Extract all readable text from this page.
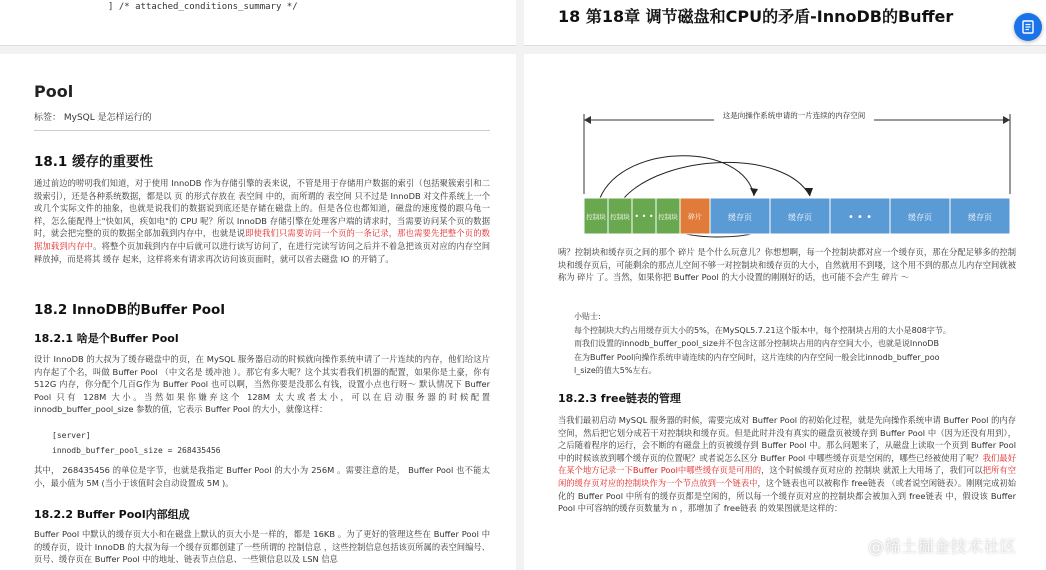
] /* attached_conditions_summary */	18 第18章 调节磁盘和CPU的矛盾-InnoDB的Buffer
Pool
标签： MySQL 是怎样运行的
18.1 缓存的重要性
通过前边的唠叨我们知道，对于使用 InnoDB 作为存储引擎的表来说，不管是用于存储用户数据的索引（包括聚簇索引和二级索引），还是各种系统数据，都是以 页 的形式存放在 表空间 中的，而所谓的 表空间 只不过是 InnoDB 对文件系统上一个或几个实际文件的抽象，也就是说我们的数据说到底还是存储在磁盘上的。但是各位也都知道，磁盘的速度慢的跟乌龟一样，怎么能配得上"快如风，疾如电"的 CPU 呢？所以 InnoDB 存储引擎在处理客户端的请求时，当需要访问某个页的数据时，就会把完整的页的数据全部加载到内存中，也就是说即使我们只需要访问一个页的一条记录，那也需要先把整个页的数据加载到内存中。将整个页加载到内存中后就可以进行读写访问了，在进行完读写访问之后并不着急把该页对应的内存空间释放掉，而是将其 缓存 起来，这样将来有请求再次访问该页面时，就可以省去磁盘 IO 的开销了。
18.2 InnoDB的Buffer Pool
18.2.1 啥是个Buffer Pool
设计 InnoDB 的大叔为了缓存磁盘中的页，在 MySQL 服务器启动的时候就向操作系统申请了一片连续的内存，他们给这片内存起了个名，叫做 Buffer Pool （中文名是 缓冲池 ）。那它有多大呢？这个其实看我们机器的配置，如果你是土豪，你有 512G 内存，你分配个几百G作为 Buffer Pool 也可以啊，当然你要是没那么有钱，设置小点也行呀～ 默认情况下 Buffer Pool 只有 128M 大小。当然如果你嫌弃这个 128M 太大或者太小，可以在启动服务器的时候配置 innodb_buffer_pool_size 参数的值，它表示 Buffer Pool 的大小，就像这样：
[server]
innodb_buffer_pool_size = 268435456
其中， 268435456 的单位是字节，也就是我指定 Buffer Pool 的大小为 256M 。需要注意的是， Buffer Pool 也不能太小，最小值为 5M (当小于该值时会自动设置成 5M )。
18.2.2 Buffer Pool内部组成
Buffer Pool 中默认的缓存页大小和在磁盘上默认的页大小是一样的，都是 16KB 。为了更好的管理这些在 Buffer Pool 中的缓存页，设计 InnoDB 的大叔为每一个缓存页都创建了一些所谓的 控制信息 ，这些控制信息包括该页所属的表空间编号、页号、缓存页在 Buffer Pool 中的地址、链表节点信息、一些锁信息以及 LSN 信息
这是向操作系统申请的一片连续的内存空间
控制块 控制块 • • • 控制块 碎片	缓存页	缓存页	• • •	缓存页	缓存页
咦？控制块和缓存页之间的那个 碎片 是个什么玩意儿？你想想啊，每一个控制块都对应一个缓存页，那在分配足够多的控制块和缓存页后，可能剩余的那点儿空间不够一对控制块和缓存页的大小，自然就用不到喽，这个用不到的那点儿内存空间就被称为 碎片 了。当然，如果你把 Buffer Pool 的大小设置的刚刚好的话，也可能不会产生 碎片 ～
小贴士:
每个控制块大约占用缓存页大小的5%，在MySQL5.7.21这个版本中，每个控制块占用的大小是808字节。
而我们设置的innodb_buffer_pool_size并不包含这部分控制块占用的内存空间大小，也就是说InnoDB
在为Buffer Pool向操作系统申请连续的内存空间时，这片连续的内存空间一般会比innodb_buffer_poo
l_size的值大5%左右。
18.2.3 free链表的管理
当我们最初启动 MySQL 服务器的时候，需要完成对 Buffer Pool 的初始化过程，就是先向操作系统申请 Buffer Pool 的内存空间，然后把它划分成若干对控制块和缓存页。但是此时并没有真实的磁盘页被缓存到 Buffer Pool 中（因为还没有用到），之后随着程序的运行，会不断的有磁盘上的页被缓存到 Buffer Pool 中。那么问题来了，从磁盘上读取一个页到 Buffer Pool 中的时候该放到哪个缓存页的位置呢？或者说怎么区分 Buffer Pool 中哪些缓存页是空闲的，哪些已经被使用了呢？我们最好在某个地方记录一下Buffer Pool中哪些缓存页是可用的，这个时候缓存页对应的 控制块 就派上大用场了，我们可以把所有空闲的缓存页对应的控制块作为一个节点放到一个链表中，这个链表也可以被称作 free链表 （或者说空闲链表）。刚刚完成初始化的 Buffer Pool 中所有的缓存页都是空闲的，所以每一个缓存页对应的控制块都会被加入到 free链表 中，假设该 Buffer Pool 中可容纳的缓存页数量为 n ，那增加了 free链表 的效果图就是这样的：
@稀土掘金技术社区
